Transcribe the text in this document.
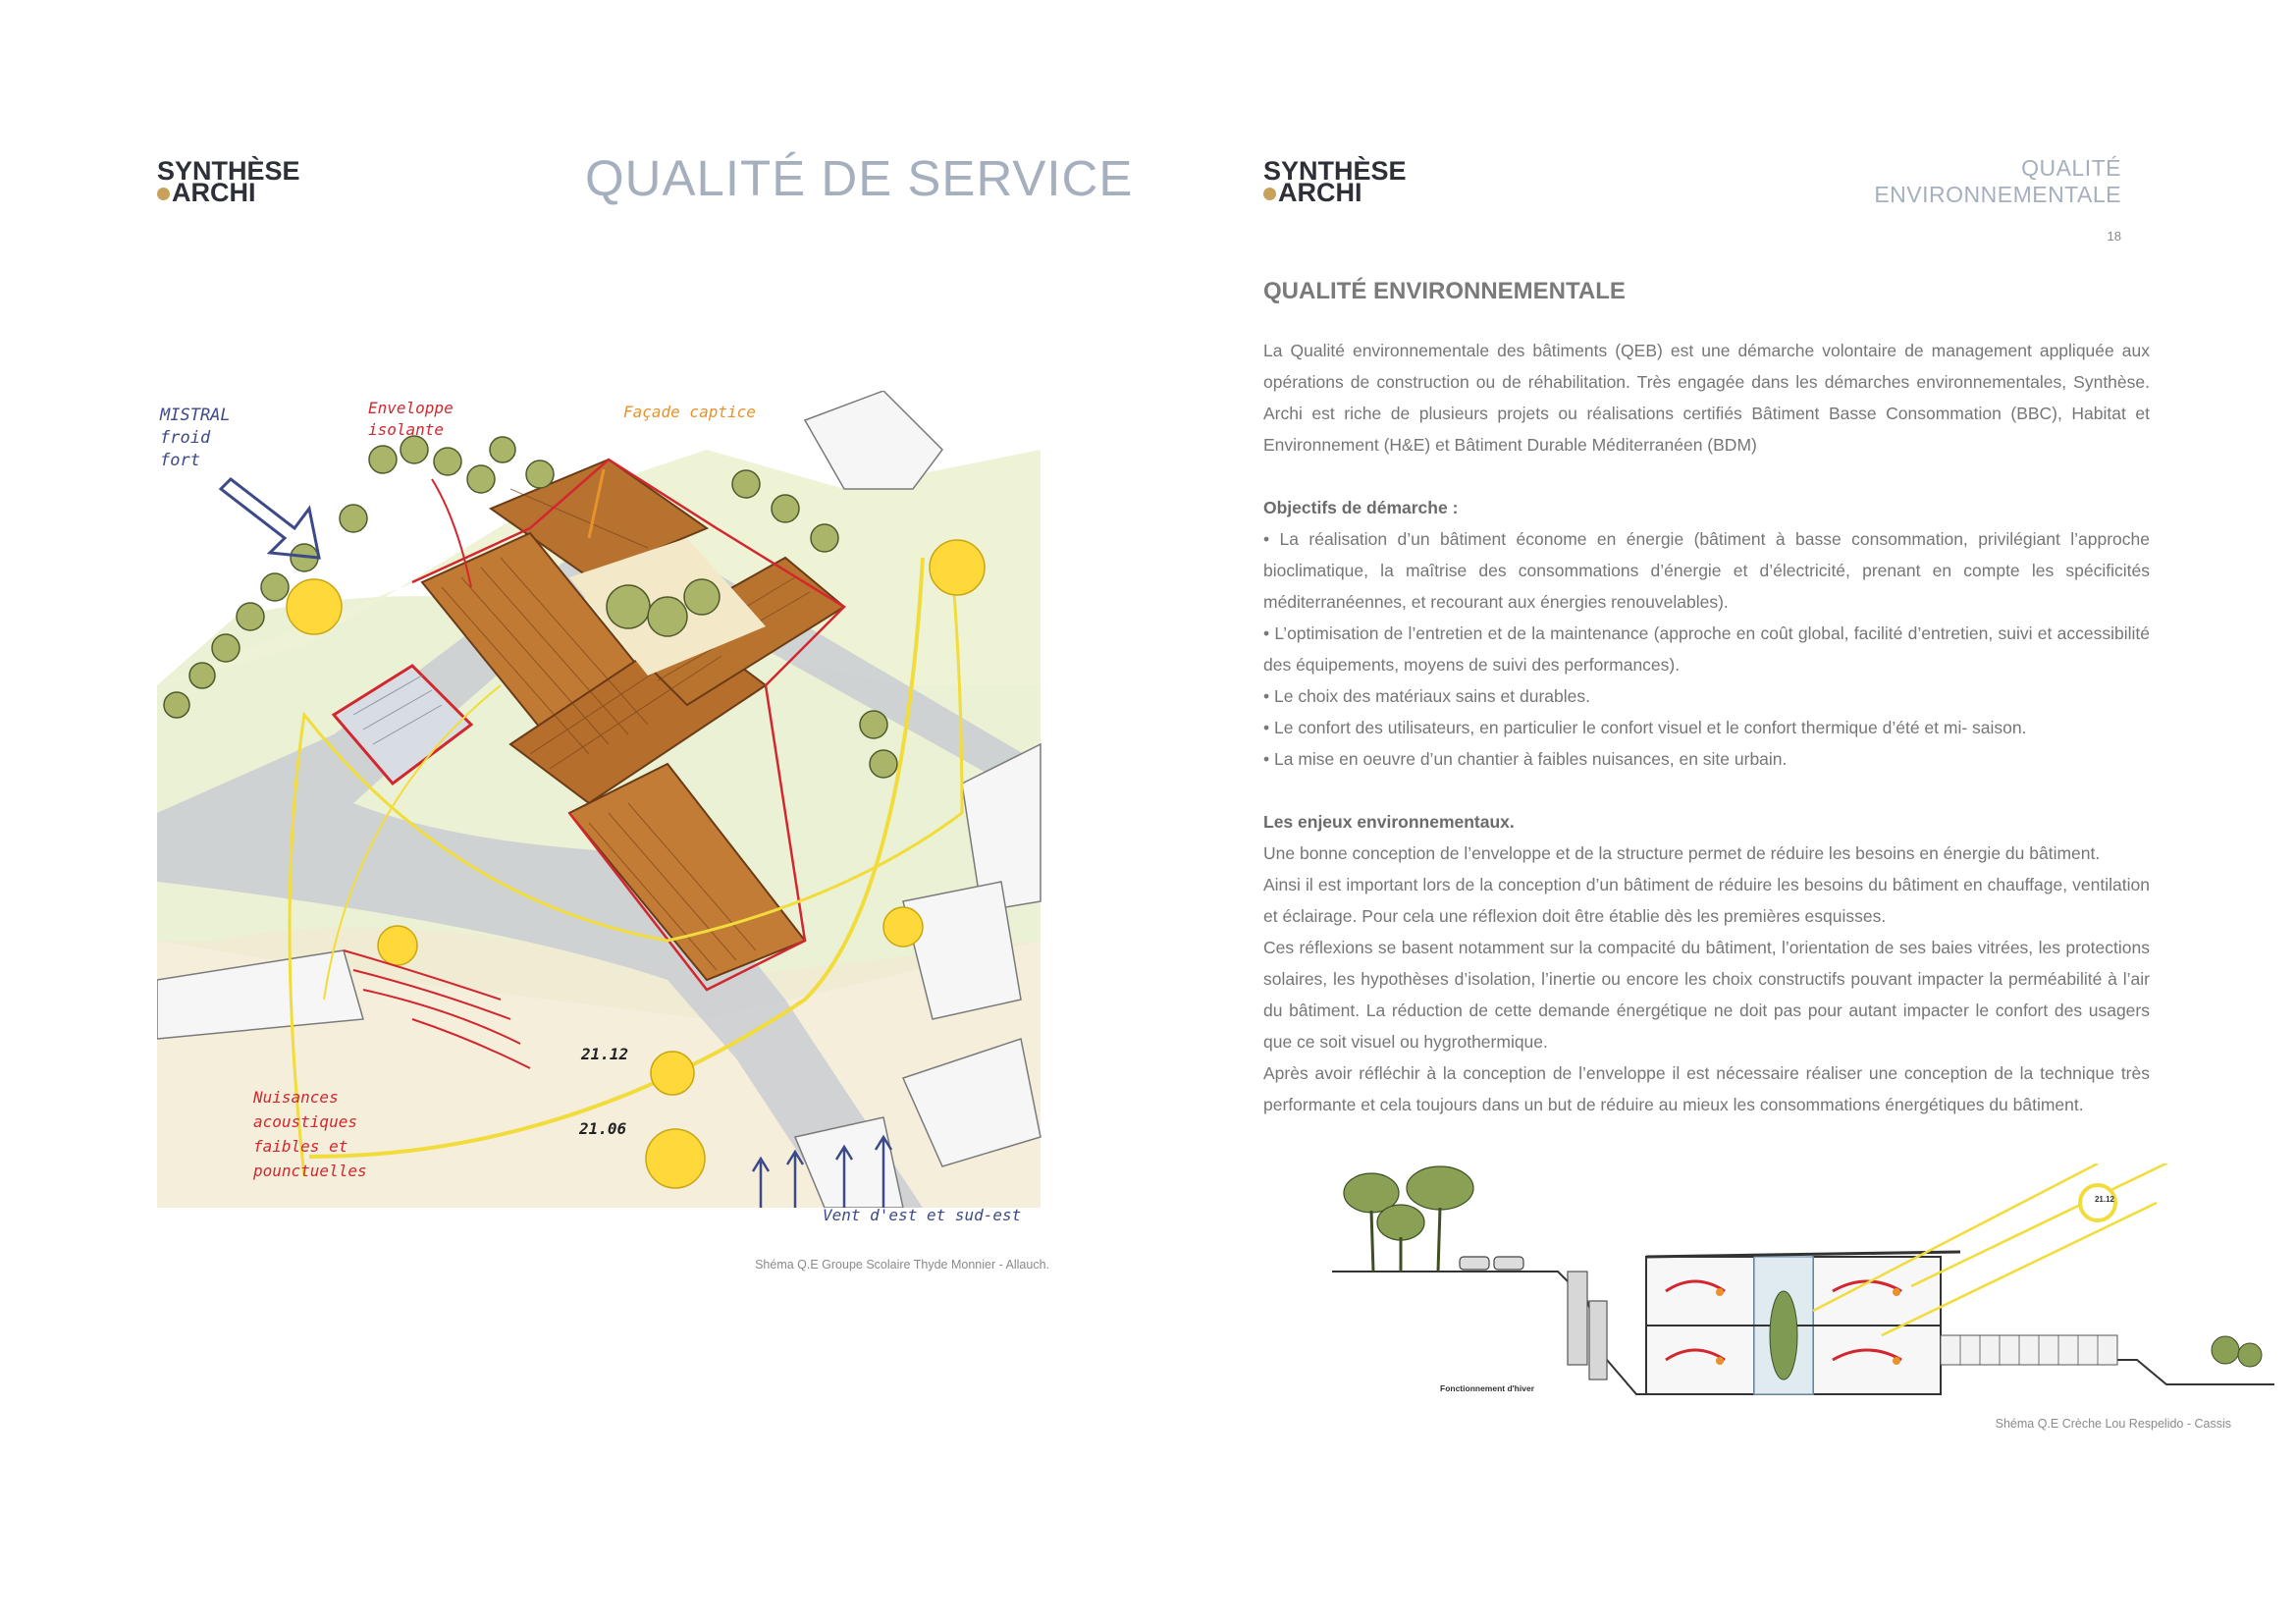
SYNTHÈSE
ARCHI	QUALITÉ DE SERVICE
MISTRAL
froid
fort
Enveloppe
isolante
Façade captice
21.12
21.06
Nuisances
acoustiques
faibles et
pounctuelles
Vent d'est et sud-est
Shéma Q.E Groupe Scolaire Thyde Monnier - Allauch.
SYNTHÈSE
ARCHI
QUALITÉ ENVIRONNEMENTALE
18
QUALITÉ ENVIRONNEMENTALE

La Qualité environnementale des bâtiments (QEB) est une démarche volontaire de management appliquée aux opérations de construction ou de réhabilitation. Très engagée dans les démarches environnementales, Synthèse. Archi est riche de plusieurs projets ou réalisations certifiés Bâtiment Basse Consommation (BBC), Habitat et Environnement (H&E) et Bâtiment Durable Méditerranéen (BDM)

Objectifs de démarche :

• La réalisation d’un bâtiment économe en énergie (bâtiment à basse consommation, privilégiant l’approche bioclimatique, la maîtrise des consommations d’énergie et d’électricité, prenant en compte les spécificités méditerranéennes, et recourant aux énergies renouvelables).

• L’optimisation de l’entretien et de la maintenance (approche en coût global, facilité d’entretien, suivi et accessibilité des équipements, moyens de suivi des performances).

• Le choix des matériaux sains et durables.

• Le confort des utilisateurs, en particulier le confort visuel et le confort thermique d’été et mi- saison.

• La mise en oeuvre d’un chantier à faibles nuisances, en site urbain.

Les enjeux environnementaux.

Une bonne conception de l’enveloppe et de la structure permet de réduire les besoins en énergie du bâtiment.

Ainsi il est important lors de la conception d’un bâtiment de réduire les besoins du bâtiment en chauffage, ventilation et éclairage. Pour cela une réflexion doit être établie dès les premières esquisses.

Ces réflexions se basent notamment sur la compacité du bâtiment, l’orientation de ses baies vitrées, les protections solaires, les hypothèses d’isolation, l’inertie ou encore les choix constructifs pouvant impacter la perméabilité à l’air du bâtiment. La réduction de cette demande énergétique ne doit pas pour autant impacter le confort des usagers que ce soit visuel ou hygrothermique.

Après avoir réfléchir à la conception de l’enveloppe il est nécessaire réaliser une conception de la technique très performante et cela toujours dans un but de réduire au mieux les consommations énergétiques du bâtiment.

21.12
Fonctionnement d'hiver
Shéma Q.E Crèche Lou Respelido - Cassis
